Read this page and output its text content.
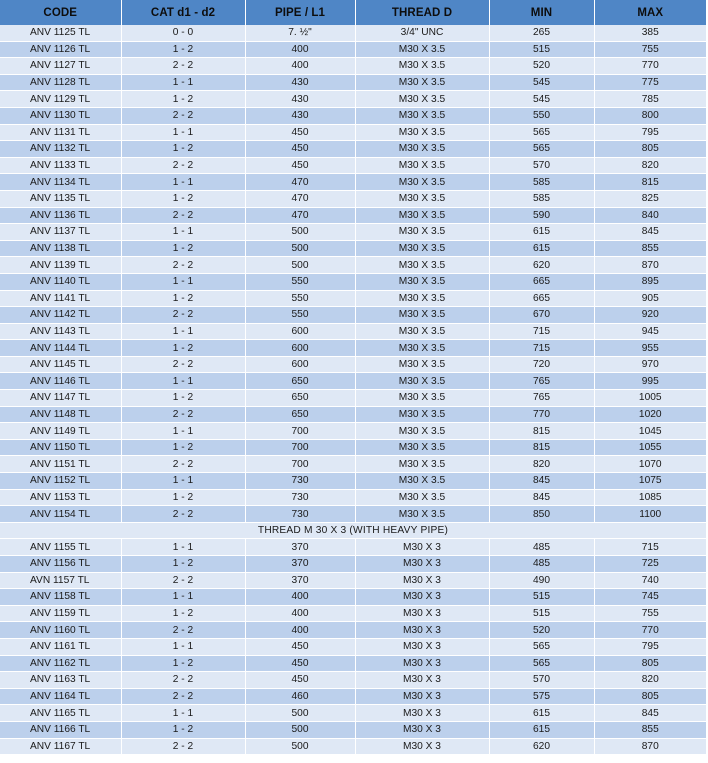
CODE	CAT d1 - d2	PIPE / L1	THREAD D	MIN	MAX
ANV 1125 TL	0 - 0	7. ½"	3/4" UNC	265	385
ANV 1126 TL	1 - 2	400	M30 X 3.5	515	755
ANV 1127 TL	2 - 2	400	M30 X 3.5	520	770
ANV 1128 TL	1 - 1	430	M30 X 3.5	545	775
ANV 1129 TL	1 - 2	430	M30 X 3.5	545	785
ANV 1130 TL	2 - 2	430	M30 X 3.5	550	800
ANV 1131 TL	1 - 1	450	M30 X 3.5	565	795
ANV 1132 TL	1 - 2	450	M30 X 3.5	565	805
ANV 1133 TL	2 - 2	450	M30 X 3.5	570	820
ANV 1134 TL	1 - 1	470	M30 X 3.5	585	815
ANV 1135 TL	1 - 2	470	M30 X 3.5	585	825
ANV 1136 TL	2 - 2	470	M30 X 3.5	590	840
ANV 1137 TL	1 - 1	500	M30 X 3.5	615	845
ANV 1138 TL	1 - 2	500	M30 X 3.5	615	855
ANV 1139 TL	2 - 2	500	M30 X 3.5	620	870
ANV 1140 TL	1 - 1	550	M30 X 3.5	665	895
ANV 1141 TL	1 - 2	550	M30 X 3.5	665	905
ANV 1142 TL	2 - 2	550	M30 X 3.5	670	920
ANV 1143 TL	1 - 1	600	M30 X 3.5	715	945
ANV 1144 TL	1 - 2	600	M30 X 3.5	715	955
ANV 1145 TL	2 - 2	600	M30 X 3.5	720	970
ANV 1146 TL	1 - 1	650	M30 X 3.5	765	995
ANV 1147 TL	1 - 2	650	M30 X 3.5	765	1005
ANV 1148 TL	2 - 2	650	M30 X 3.5	770	1020
ANV 1149 TL	1 - 1	700	M30 X 3.5	815	1045
ANV 1150 TL	1 - 2	700	M30 X 3.5	815	1055
ANV 1151 TL	2 - 2	700	M30 X 3.5	820	1070
ANV 1152 TL	1 - 1	730	M30 X 3.5	845	1075
ANV 1153 TL	1 - 2	730	M30 X 3.5	845	1085
ANV 1154 TL	2 - 2	730	M30 X 3.5	850	1100
THREAD M 30 X 3 (WITH HEAVY PIPE)					
ANV 1155 TL	1 - 1	370	M30 X 3	485	715
ANV 1156 TL	1 - 2	370	M30 X 3	485	725
AVN 1157 TL	2 - 2	370	M30 X 3	490	740
ANV 1158 TL	1 - 1	400	M30 X 3	515	745
ANV 1159 TL	1 - 2	400	M30 X 3	515	755
ANV 1160 TL	2 - 2	400	M30 X 3	520	770
ANV 1161 TL	1 - 1	450	M30 X 3	565	795
ANV 1162 TL	1 - 2	450	M30 X 3	565	805
ANV 1163 TL	2 - 2	450	M30 X 3	570	820
ANV 1164 TL	2 - 2	460	M30 X 3	575	805
ANV 1165 TL	1 - 1	500	M30 X 3	615	845
ANV 1166 TL	1 - 2	500	M30 X 3	615	855
ANV 1167 TL	2 - 2	500	M30 X 3	620	870
